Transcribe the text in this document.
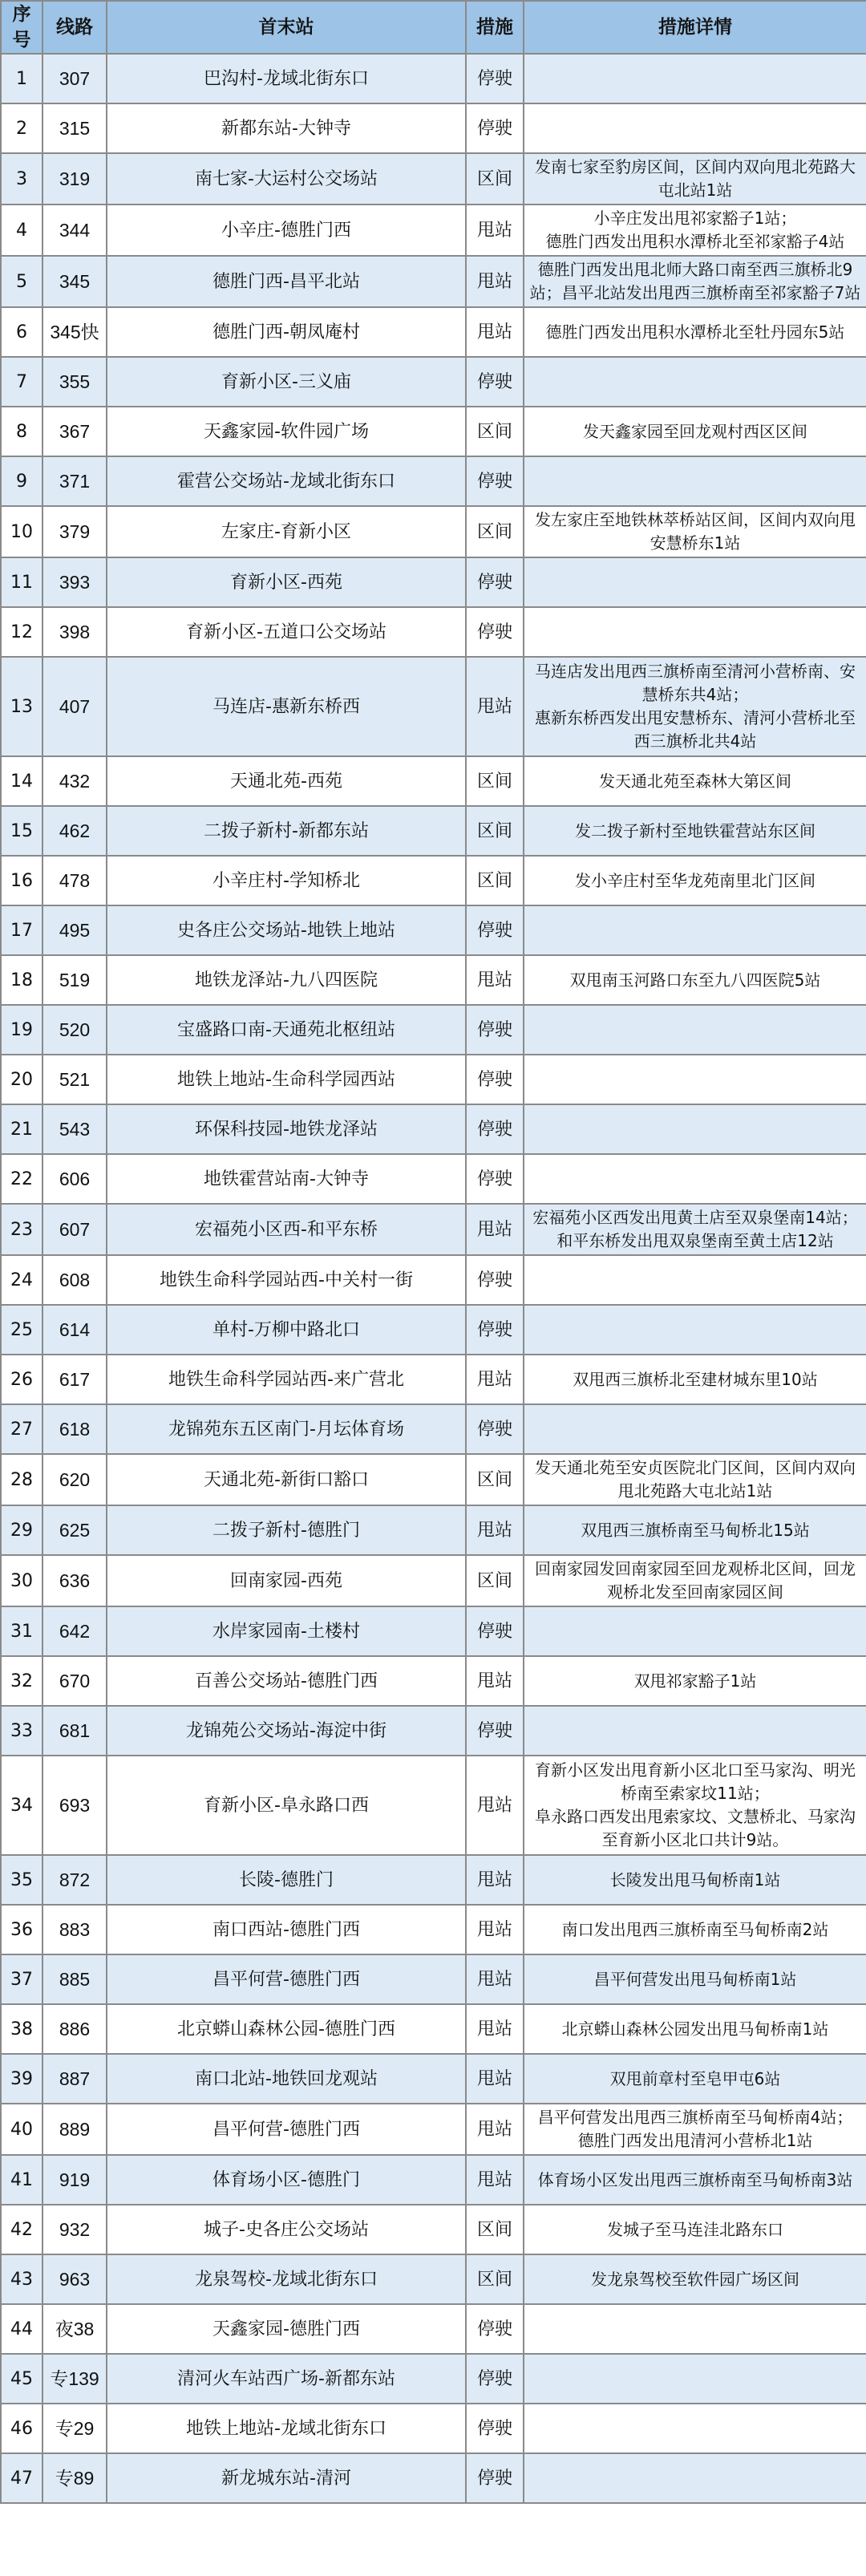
序号	线路	首末站	措施	措施详情
1	307	巴沟村-龙域北街东口	停驶	
2	315	新都东站-大钟寺	停驶	
3	319	南七家-大运村公交场站	区间	发南七家至豹房区间，区间内双向甩北苑路大
屯北站1站

4	344	小辛庄-德胜门西	甩站	小辛庄发出甩祁家豁子1站；
德胜门西发出甩积水潭桥北至祁家豁子4站

5	345	德胜门西-昌平北站	甩站	德胜门西发出甩北师大路口南至西三旗桥北9
站；昌平北站发出甩西三旗桥南至祁家豁子7站

6	345快	德胜门西-朝凤庵村	甩站	德胜门西发出甩积水潭桥北至牡丹园东5站

7	355	育新小区-三义庙	停驶	
8	367	天鑫家园-软件园广场	区间	发天鑫家园至回龙观村西区区间

9	371	霍营公交场站-龙域北街东口	停驶	
10	379	左家庄-育新小区	区间	发左家庄至地铁林萃桥站区间，区间内双向甩
安慧桥东1站

11	393	育新小区-西苑	停驶	
12	398	育新小区-五道口公交场站	停驶	
13	407	马连店-惠新东桥西	甩站	马连店发出甩西三旗桥南至清河小营桥南、安
慧桥东共4站；
惠新东桥西发出甩安慧桥东、清河小营桥北至
西三旗桥北共4站

14	432	天通北苑-西苑	区间	发天通北苑至森林大第区间

15	462	二拨子新村-新都东站	区间	发二拨子新村至地铁霍营站东区间

16	478	小辛庄村-学知桥北	区间	发小辛庄村至华龙苑南里北门区间

17	495	史各庄公交场站-地铁上地站	停驶	
18	519	地铁龙泽站-九八四医院	甩站	双甩南玉河路口东至九八四医院5站

19	520	宝盛路口南-天通苑北枢纽站	停驶	
20	521	地铁上地站-生命科学园西站	停驶	
21	543	环保科技园-地铁龙泽站	停驶	
22	606	地铁霍营站南-大钟寺	停驶	
23	607	宏福苑小区西-和平东桥	甩站	宏福苑小区西发出甩黄土店至双泉堡南14站；
和平东桥发出甩双泉堡南至黄土店12站

24	608	地铁生命科学园站西-中关村一街	停驶	
25	614	单村-万柳中路北口	停驶	
26	617	地铁生命科学园站西-来广营北	甩站	双甩西三旗桥北至建材城东里10站

27	618	龙锦苑东五区南门-月坛体育场	停驶	
28	620	天通北苑-新街口豁口	区间	发天通北苑至安贞医院北门区间，区间内双向
甩北苑路大屯北站1站

29	625	二拨子新村-德胜门	甩站	双甩西三旗桥南至马甸桥北15站

30	636	回南家园-西苑	区间	回南家园发回南家园至回龙观桥北区间，回龙
观桥北发至回南家园区间

31	642	水岸家园南-土楼村	停驶	
32	670	百善公交场站-德胜门西	甩站	双甩祁家豁子1站

33	681	龙锦苑公交场站-海淀中街	停驶	
34	693	育新小区-阜永路口西	甩站	育新小区发出甩育新小区北口至马家沟、明光
桥南至索家坟11站；
阜永路口西发出甩索家坟、文慧桥北、马家沟
至育新小区北口共计9站。

35	872	长陵-德胜门	甩站	长陵发出甩马甸桥南1站

36	883	南口西站-德胜门西	甩站	南口发出甩西三旗桥南至马甸桥南2站

37	885	昌平何营-德胜门西	甩站	昌平何营发出甩马甸桥南1站

38	886	北京蟒山森林公园-德胜门西	甩站	北京蟒山森林公园发出甩马甸桥南1站

39	887	南口北站-地铁回龙观站	甩站	双甩前章村至皂甲屯6站

40	889	昌平何营-德胜门西	甩站	昌平何营发出甩西三旗桥南至马甸桥南4站；
德胜门西发出甩清河小营桥北1站

41	919	体育场小区-德胜门	甩站	体育场小区发出甩西三旗桥南至马甸桥南3站

42	932	城子-史各庄公交场站	区间	发城子至马连洼北路东口

43	963	龙泉驾校-龙域北街东口	区间	发龙泉驾校至软件园广场区间

44	夜38	天鑫家园-德胜门西	停驶	
45	专139	清河火车站西广场-新都东站	停驶	
46	专29	地铁上地站-龙域北街东口	停驶	
47	专89	新龙城东站-清河	停驶	
